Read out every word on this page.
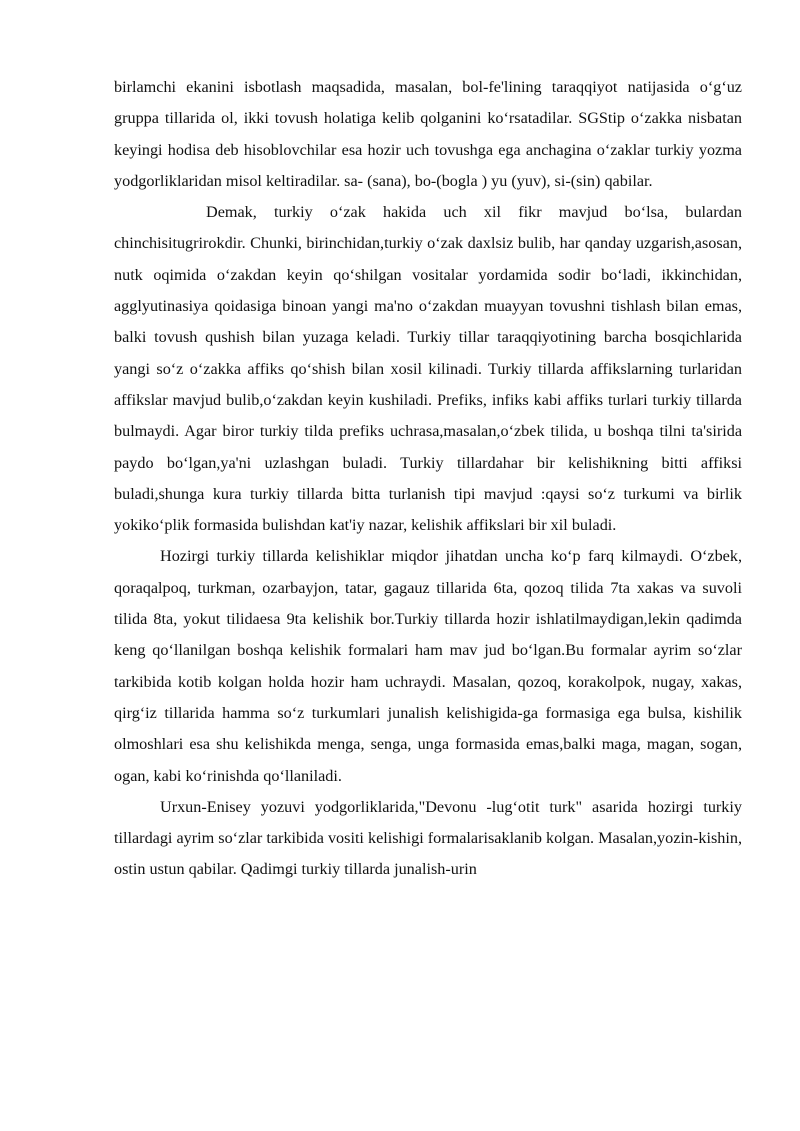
birlamchi ekanini isbotlash maqsadida, masalan, bol-fe'lining taraqqiyot natijasida o‘g‘uz gruppa tillarida ol, ikki tovush holatiga kelib qolganini ko‘rsatadilar. SGStip o‘zakka nisbatan keyingi hodisa deb hisoblovchilar esa hozir uch tovushga ega anchagina o‘zaklar turkiy yozma yodgorliklaridan misol keltiradilar. sa- (sana), bo-(bogla ) yu (yuv), si-(sin) qabilar.

Demak, turkiy o‘zak hakida uch xil fikr mavjud bo‘lsa, bulardan chinchisitugrirokdir. Chunki, birinchidan,turkiy o‘zak daxlsiz bulib, har qanday uzgarish,asosan, nutk oqimida o‘zakdan keyin qo‘shilgan vositalar yordamida sodir bo‘ladi, ikkinchidan, agglyutinasiya qoidasiga binoan yangi ma'no o‘zakdan muayyan tovushni tishlash bilan emas, balki tovush qushish bilan yuzaga keladi. Turkiy tillar taraqqiyotining barcha bosqichlarida yangi so‘z o‘zakka affiks qo‘shish bilan xosil kilinadi. Turkiy tillarda affikslarning turlaridan affikslar mavjud bulib,o‘zakdan keyin kushiladi. Prefiks, infiks kabi affiks turlari turkiy tillarda bulmaydi. Agar biror turkiy tilda prefiks uchrasa,masalan,o‘zbek tilida, u boshqa tilni ta'sirida paydo bo‘lgan,ya'ni uzlashgan buladi. Turkiy tillardahar bir kelishikning bitti affiksi buladi,shunga kura turkiy tillarda bitta turlanish tipi mavjud :qaysi so‘z turkumi va birlik yokiko‘plik formasida bulishdan kat'iy nazar, kelishik affikslari bir xil buladi.

Hozirgi turkiy tillarda kelishiklar miqdor jihatdan uncha ko‘p farq kilmaydi. O‘zbek, qoraqalpoq, turkman, ozarbayjon, tatar, gagauz tillarida 6ta, qozoq tilida 7ta xakas va suvoli tilida 8ta, yokut tilidaesa 9ta kelishik bor.Turkiy tillarda hozir ishlatilmaydigan,lekin qadimda keng qo‘llanilgan boshqa kelishik formalari ham mav jud bo‘lgan.Bu formalar ayrim so‘zlar tarkibida kotib kolgan holda hozir ham uchraydi. Masalan, qozoq, korakolpok, nugay, xakas, qirg‘iz tillarida hamma so‘z turkumlari junalish kelishigida-ga formasiga ega bulsa, kishilik olmoshlari esa shu kelishikda menga, senga, unga formasida emas,balki maga, magan, sogan, ogan, kabi ko‘rinishda qo‘llaniladi.

Urxun-Enisey yozuvi yodgorliklarida,"Devonu -lug‘otit turk" asarida hozirgi turkiy tillardagi ayrim so‘zlar tarkibida vositi kelishigi formalarisaklanib kolgan. Masalan,yozin-kishin, ostin ustun qabilar. Qadimgi turkiy tillarda junalish-urin
